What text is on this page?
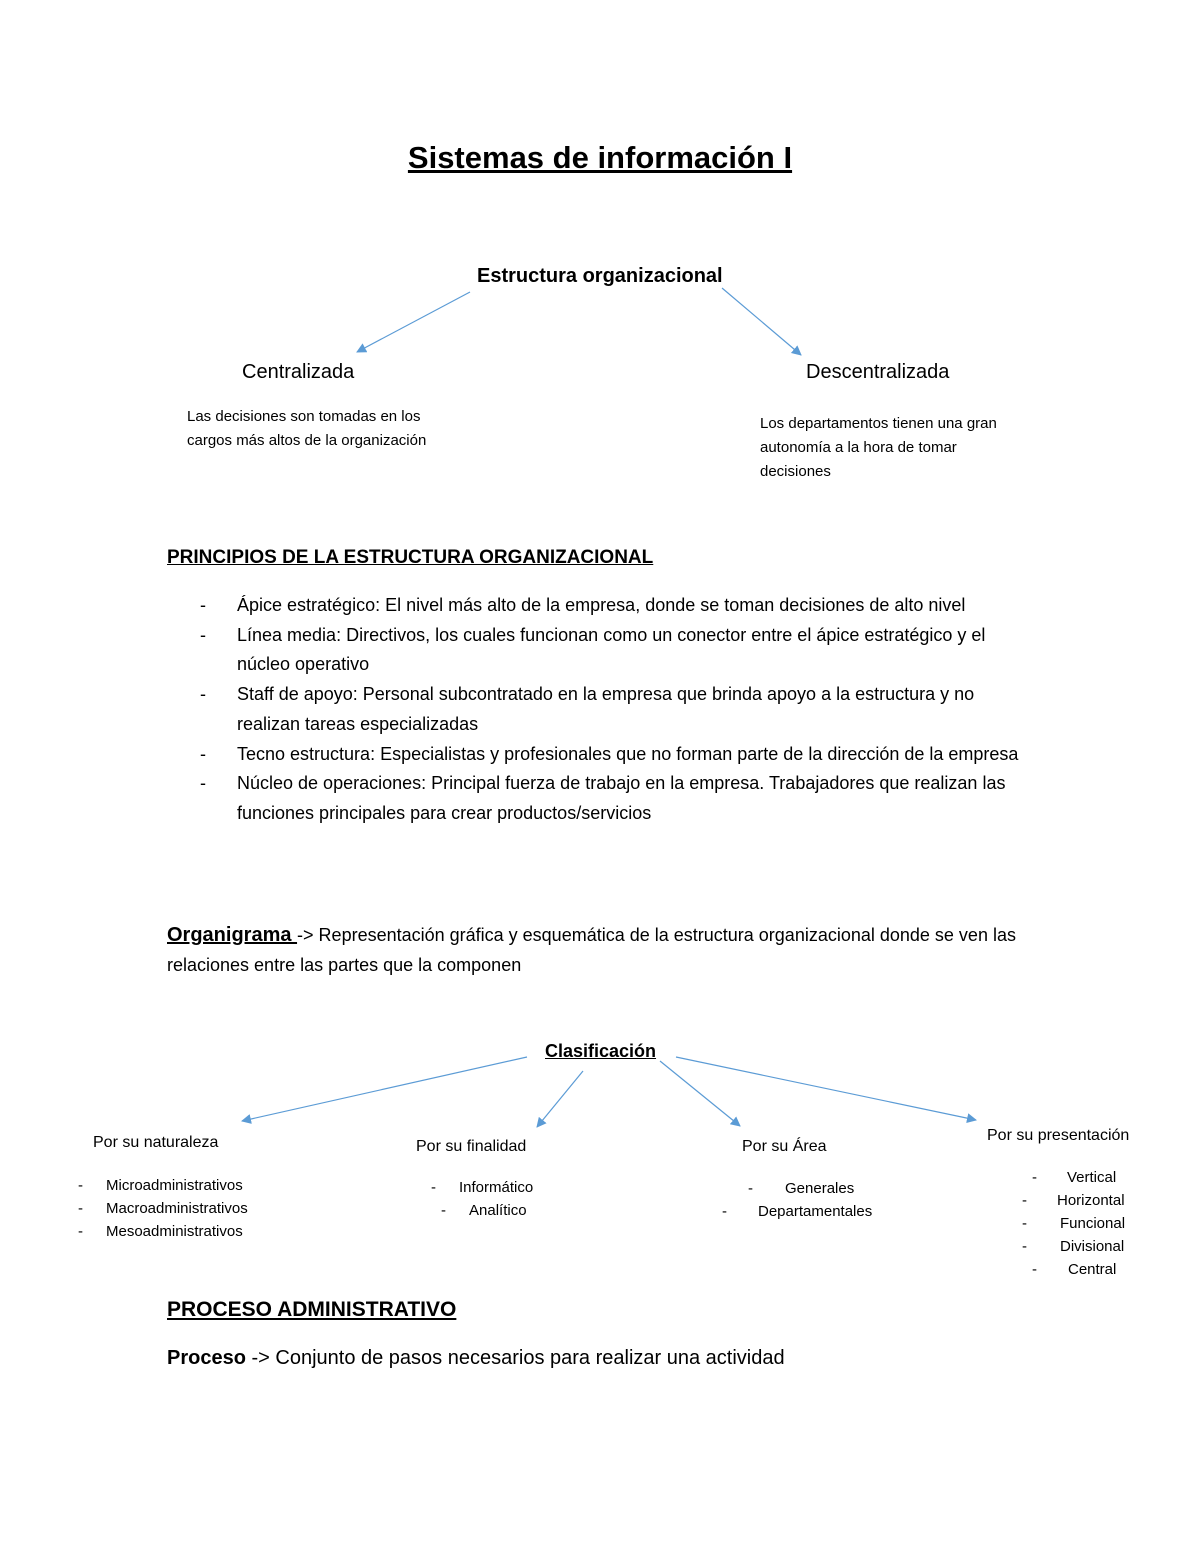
Sistemas de información I
Estructura organizacional
Centralizada	Descentralizada
Las decisiones son tomadas en los cargos más altos de la organización
Los departamentos tienen una gran autonomía a la hora de tomar decisiones
PRINCIPIOS DE LA ESTRUCTURA ORGANIZACIONAL
- Ápice estratégico: El nivel más alto de la empresa, donde se toman decisiones de alto nivel
- Línea media: Directivos, los cuales funcionan como un conector entre el ápice estratégico y el núcleo operativo
- Staff de apoyo: Personal subcontratado en la empresa que brinda apoyo a la estructura y no realizan tareas especializadas
- Tecno estructura: Especialistas y profesionales que no forman parte de la dirección de la empresa
- Núcleo de operaciones: Principal fuerza de trabajo en la empresa. Trabajadores que realizan las funciones principales para crear productos/servicios
Organigrama -> Representación gráfica y esquemática de la estructura organizacional donde se ven las relaciones entre las partes que la componen
Clasificación
Por su naturaleza
- Microadministrativos
- Macroadministrativos
- Mesoadministrativos
Por su finalidad
- Informático
- Analítico
Por su Área
- Generales
- Departamentales
Por su presentación
- Vertical
- Horizontal
- Funcional
- Divisional
- Central
PROCESO ADMINISTRATIVO
Proceso -> Conjunto de pasos necesarios para realizar una actividad
